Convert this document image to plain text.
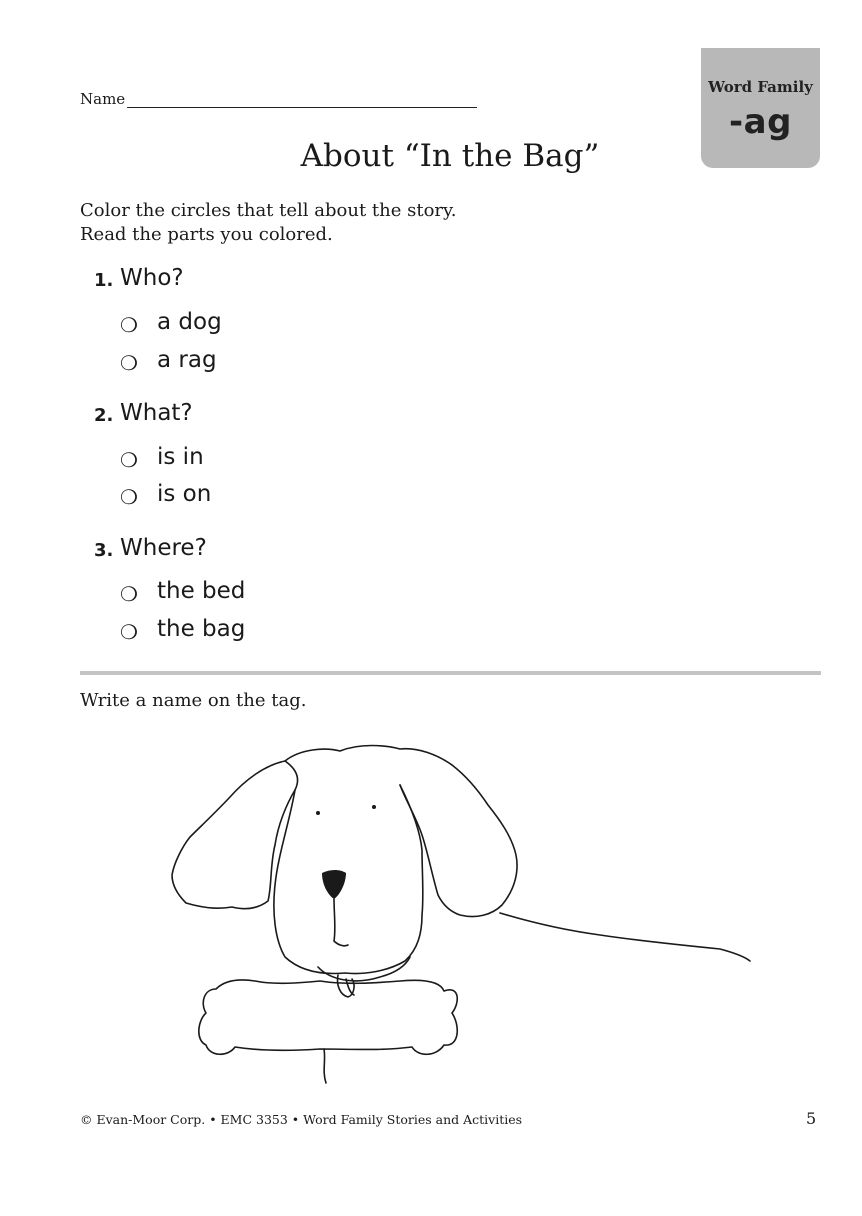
Name
Word Family
-ag
About “In the Bag”
Color the circles that tell about the story.
Read the parts you colored.
1. Who?
❍ a dog
❍ a rag
2. What?
❍ is in
❍ is on
3. Where?
❍ the bed
❍ the bag
Write a name on the tag.
© Evan-Moor Corp. • EMC 3353 • Word Family Stories and Activities	5
